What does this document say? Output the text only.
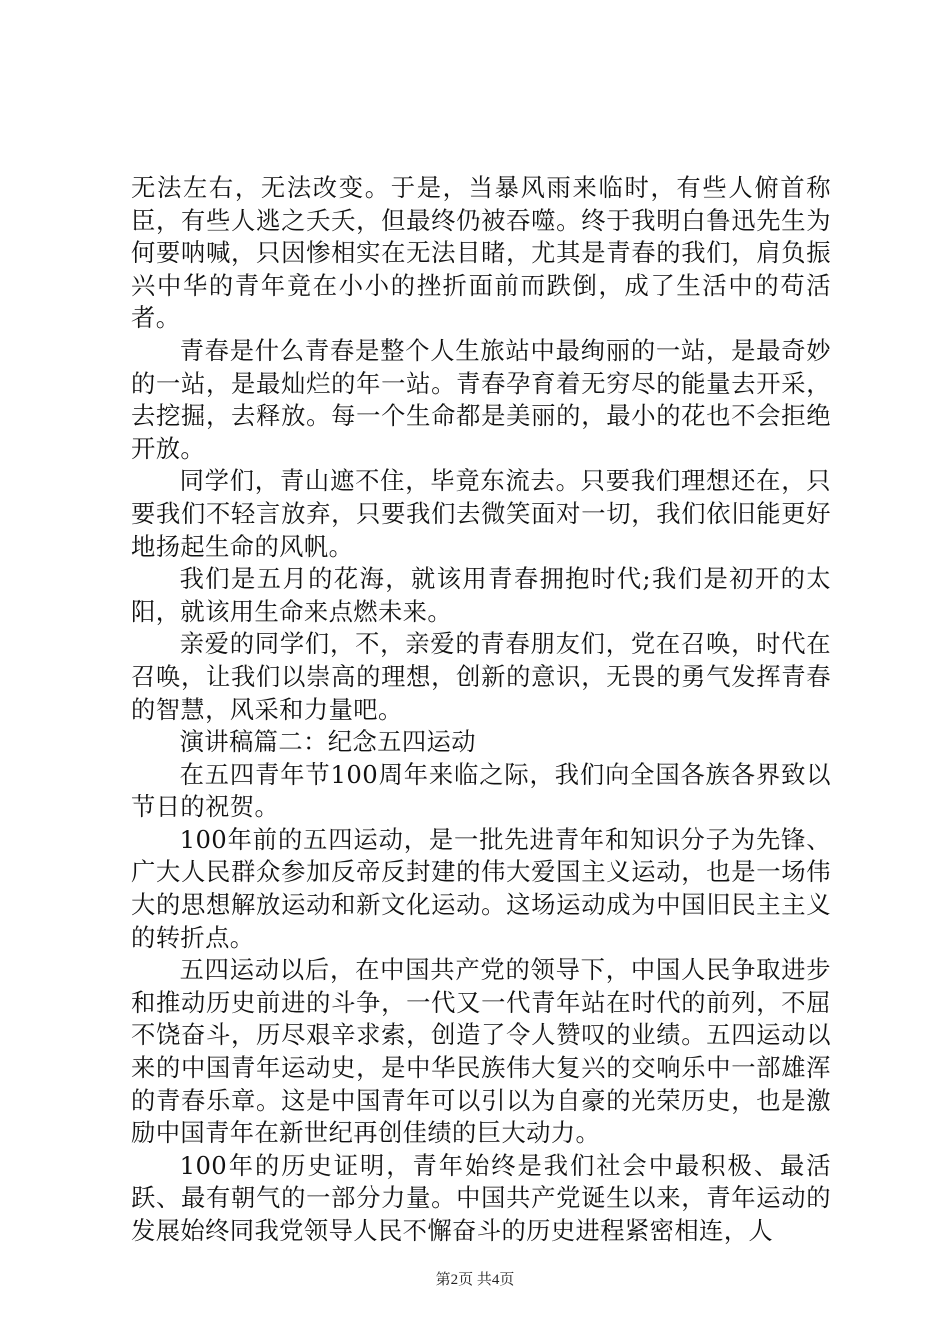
无法左右，无法改变。于是，当暴风雨来临时，有些人俯首称臣，有些人逃之夭夭，但最终仍被吞噬。终于我明白鲁迅先生为何要呐喊，只因惨相实在无法目睹，尤其是青春的我们，肩负振兴中华的青年竟在小小的挫折面前而跌倒，成了生活中的苟活者。

青春是什么青春是整个人生旅站中最绚丽的一站，是最奇妙的一站，是最灿烂的年一站。青春孕育着无穷尽的能量去开采，去挖掘，去释放。每一个生命都是美丽的，最小的花也不会拒绝开放。

同学们，青山遮不住，毕竟东流去。只要我们理想还在，只要我们不轻言放弃，只要我们去微笑面对一切，我们依旧能更好地扬起生命的风帆。

我们是五月的花海，就该用青春拥抱时代;我们是初开的太阳，就该用生命来点燃未来。

亲爱的同学们，不，亲爱的青春朋友们，党在召唤，时代在召唤，让我们以崇高的理想，创新的意识，无畏的勇气发挥青春的智慧，风采和力量吧。

演讲稿篇二：纪念五四运动

在五四青年节100周年来临之际，我们向全国各族各界致以节日的祝贺。

100年前的五四运动，是一批先进青年和知识分子为先锋、广大人民群众参加反帝反封建的伟大爱国主义运动，也是一场伟大的思想解放运动和新文化运动。这场运动成为中国旧民主主义的转折点。

五四运动以后，在中国共产党的领导下，中国人民争取进步和推动历史前进的斗争，一代又一代青年站在时代的前列，不屈不饶奋斗，历尽艰辛求索，创造了令人赞叹的业绩。五四运动以来的中国青年运动史，是中华民族伟大复兴的交响乐中一部雄浑的青春乐章。这是中国青年可以引以为自豪的光荣历史，也是激励中国青年在新世纪再创佳绩的巨大动力。

100年的历史证明，青年始终是我们社会中最积极、最活跃、最有朝气的一部分力量。中国共产党诞生以来，青年运动的发展始终同我党领导人民不懈奋斗的历史进程紧密相连，人

第2页 共4页
